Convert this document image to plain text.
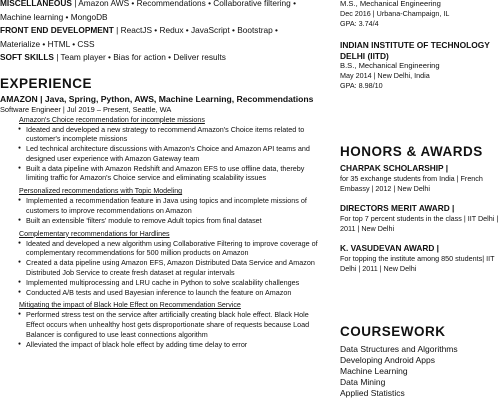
MISCELLANEOUS | Amazon AWS • Recommendations • Collaborative filtering •
Machine learning • MongoDB
FRONT END DEVELOPMENT | ReactJS • Redux • JavaScript • Bootstrap •
Materialize • HTML • CSS
SOFT SKILLS | Team player • Bias for action • Deliver results
EXPERIENCE
AMAZON | Java, Spring, Python, AWS, Machine Learning, Recommendations
Software Engineer | Jul 2019 – Present, Seattle, WA
Amazon's Choice recommendation for incomplete missions
● Ideated and developed a new strategy to recommend Amazon's Choice items related to customer's incomplete missions
● Led technical architecture discussions with Amazon's Choice and Amazon API teams and designed user experience with Amazon Gateway team
● Built a data pipeline with Amazon Redshift and Amazon EFS to use offline data, thereby limiting traffic for Amazon's Choice service and eliminating scalability issues
Personalized recommendations with Topic Modeling
● Implemented a recommendation feature in Java using topics and incomplete missions of customers to improve recommendations on Amazon
● Built an extensible 'filters' module to remove Adult topics from final dataset
Complementary recommendations for Hardlines
● Ideated and developed a new algorithm using Collaborative Filtering to improve coverage of complementary recommendations for 500 million products on Amazon
● Created a data pipeline using Amazon EFS, Amazon Distributed Data Service and Amazon Distributed Job Service to create fresh dataset at regular intervals
● Implemented multiprocessing and LRU cache in Python to solve scalability challenges
● Conducted A/B tests and used Bayesian inference to launch the feature on Amazon
Mitigating the impact of Black Hole Effect on Recommendation Service
● Performed stress test on the service after artificially creating black hole effect. Black Hole Effect occurs when unhealthy host gets disproportionate share of requests because Load Balancer is configured to use least connections algorithm
● Alleviated the impact of black hole effect by adding time delay to error
M.S., Mechanical Engineering
Dec 2016 | Urbana-Champaign, IL
GPA: 3.74/4
INDIAN INSTITUTE OF TECHNOLOGY DELHI (IITD)
B.S., Mechanical Engineering
May 2014 | New Delhi, India
GPA: 8.98/10
HONORS & AWARDS
CHARPAK SCHOLARSHIP |
for 35 exchange students from India | French Embassy | 2012 | New Delhi
DIRECTORS MERIT AWARD |
For top 7 percent students in the class | IIT Delhi | 2011 | New Delhi
K. VASUDEVAN AWARD |
For topping the institute among 850 students| IIT Delhi | 2011 | New Delhi
COURSEWORK
Data Structures and Algorithms
Developing Android Apps
Machine Learning
Data Mining
Applied Statistics
